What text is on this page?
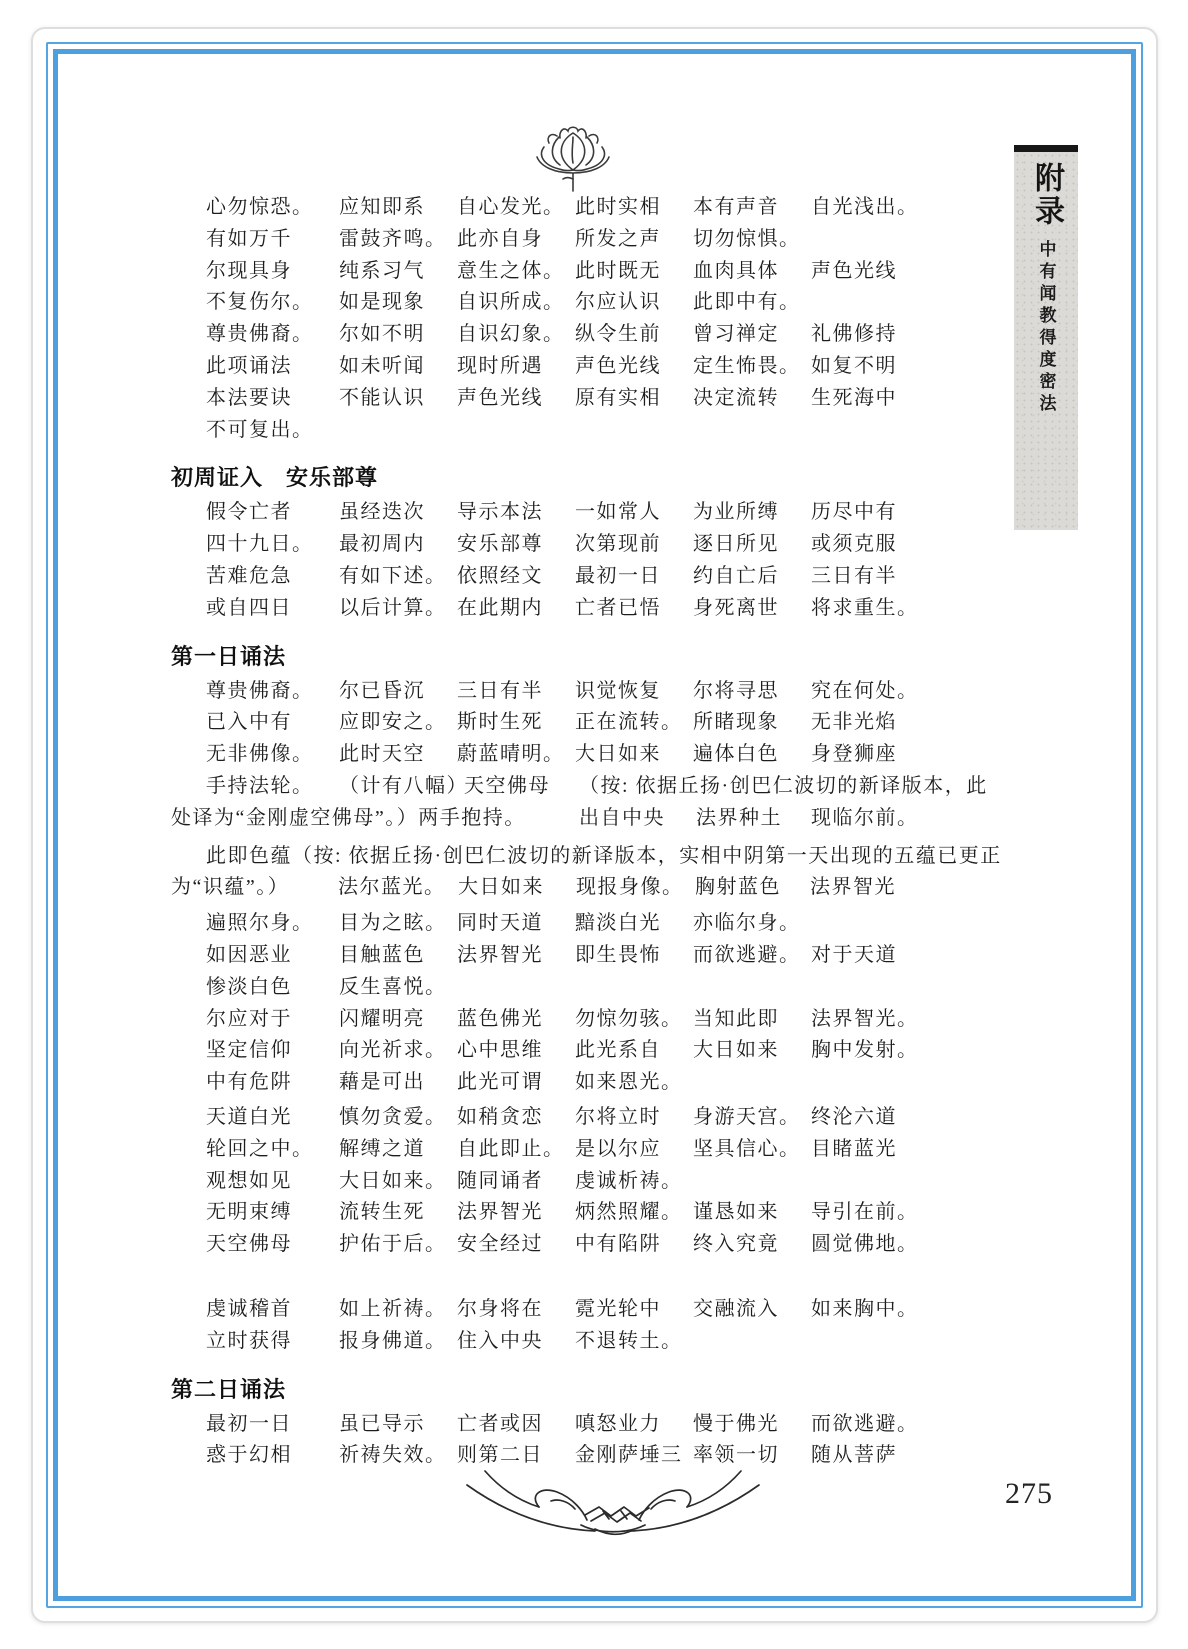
附录
中有闻教得度密法
心勿惊恐。 应知即系 自心发光。 此时实相 本有声音 自光浅出。
有如万千 雷鼓齐鸣。 此亦自身 所发之声 切勿惊惧。
尔现具身 纯系习气 意生之体。 此时既无 血肉具体 声色光线
不复伤尔。 如是现象 自识所成。 尔应认识 此即中有。
尊贵佛裔。 尔如不明 自识幻象。 纵令生前 曾习禅定 礼佛修持
此项诵法 如未听闻 现时所遇 声色光线 定生怖畏。 如复不明
本法要诀 不能认识 声色光线 原有实相 决定流转 生死海中
不可复出。
初周证入　安乐部尊
假令亡者 虽经迭次 导示本法 一如常人 为业所缚 历尽中有
四十九日。 最初周内 安乐部尊 次第现前 逐日所见 或须克服
苦难危急 有如下述。 依照经文 最初一日 约自亡后 三日有半
或自四日 以后计算。 在此期内 亡者已悟 身死离世 将求重生。
第一日诵法
尊贵佛裔。 尔已昏沉 三日有半 识觉恢复 尔将寻思 究在何处。
已入中有 应即安之。 斯时生死 正在流转。 所睹现象 无非光焰
无非佛像。 此时天空 蔚蓝晴明。 大日如来 遍体白色 身登狮座
手持法轮。 （计有八幅）天空佛母 （按: 依据丘扬·创巴仁波切的新译版本，此
处译为“金刚虚空佛母”。）两手抱持。	出自中央 法界种土 现临尔前。
此即色蕴（按: 依据丘扬·创巴仁波切的新译版本，实相中阴第一天出现的五蕴已更正
为“识蕴”。） 法尔蓝光。 大日如来 现报身像。 胸射蓝色 法界智光
遍照尔身。 目为之眩。 同时天道 黯淡白光 亦临尔身。
如因恶业 目触蓝色 法界智光 即生畏怖 而欲逃避。 对于天道
惨淡白色 反生喜悦。
尔应对于 闪耀明亮 蓝色佛光 勿惊勿骇。 当知此即 法界智光。
坚定信仰 向光祈求。 心中思维 此光系自 大日如来 胸中发射。
中有危阱 藉是可出 此光可谓 如来恩光。
天道白光 慎勿贪爱。 如稍贪恋 尔将立时 身游天宫。 终沦六道
轮回之中。 解缚之道 自此即止。 是以尔应 坚具信心。 目睹蓝光
观想如见 大日如来。 随同诵者 虔诚析祷。
无明束缚 流转生死 法界智光 炳然照耀。 谨恳如来 导引在前。
天空佛母 护佑于后。 安全经过 中有陷阱 终入究竟 圆觉佛地。
虔诚稽首 如上祈祷。 尔身将在 霓光轮中 交融流入 如来胸中。
立时获得 报身佛道。 住入中央 不退转土。
第二日诵法
最初一日 虽已导示 亡者或因 嗔怒业力 慢于佛光 而欲逃避。
惑于幻相 祈祷失效。 则第二日 金刚萨埵三 率领一切 随从菩萨
275
